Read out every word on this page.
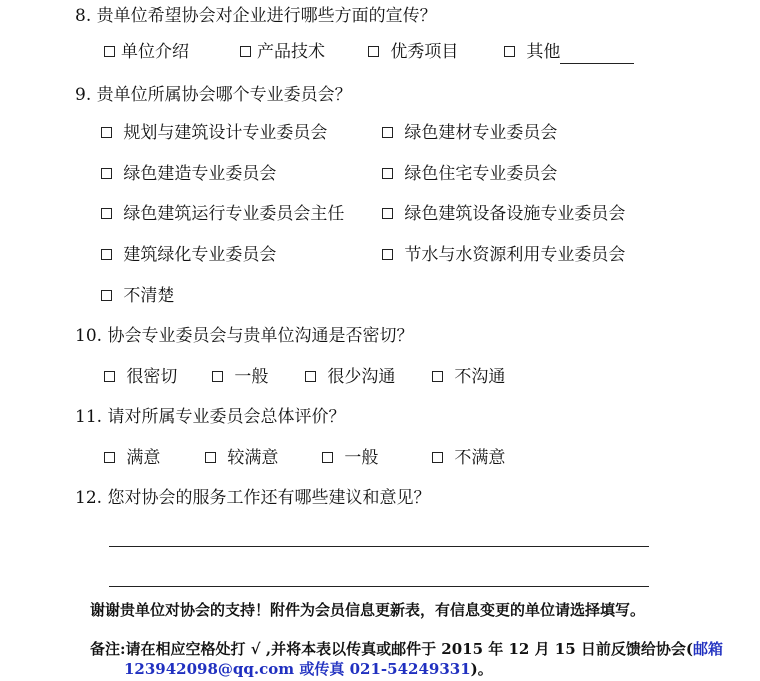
8. 贵单位希望协会对企业进行哪些方面的宣传？
单位介绍	产品技术	优秀项目	其他
9. 贵单位所属协会哪个专业委员会？
规划与建筑设计专业委员会	绿色建材专业委员会
绿色建造专业委员会	绿色住宅专业委员会
绿色建筑运行专业委员会主任	绿色建筑设备设施专业委员会
建筑绿化专业委员会	节水与水资源利用专业委员会
不清楚
10. 协会专业委员会与贵单位沟通是否密切？
很密切	一般	很少沟通	不沟通
11. 请对所属专业委员会总体评价？
满意	较满意	一般	不满意
12. 您对协会的服务工作还有哪些建议和意见？
谢谢贵单位对协会的支持！附件为会员信息更新表，有信息变更的单位请选择填写。
备注:请在相应空格处打 √ ,并将本表以传真或邮件于 2015 年 12 月 15 日前反馈给协会(邮箱
123942098@qq.com 或传真 021-54249331)。
